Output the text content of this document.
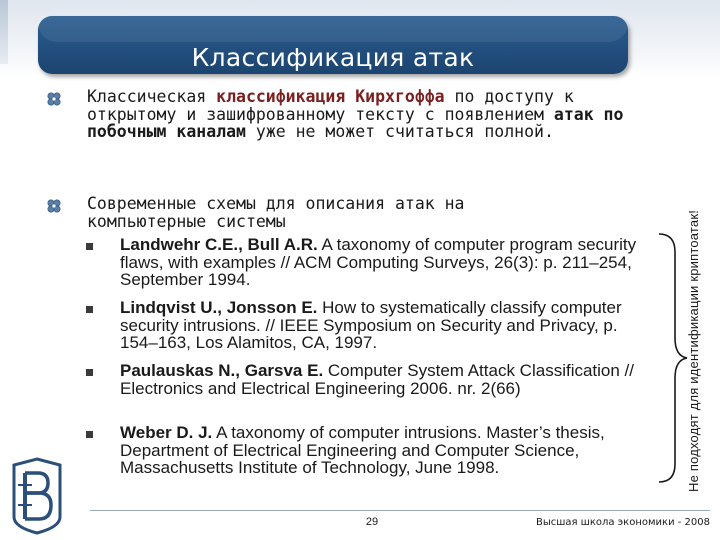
Классификация атак
Классическая классификация Кирхгоффа по доступу к открытому и зашифрованному тексту с появлением атак по побочным каналам уже не может считаться полной.
Современные схемы для описания атак на компьютерные системы
Landwehr C.E., Bull A.R. A taxonomy of computer program security flaws, with examples // ACM Computing Surveys, 26(3): p. 211–254, September 1994.
Lindqvist U., Jonsson E. How to systematically classify computer security intrusions. // IEEE Symposium on Security and Privacy, p. 154–163, Los Alamitos, CA, 1997.
Paulauskas N., Garsva E. Computer System Attack Classification // Electronics and Electrical Engineering 2006. nr. 2(66)
Weber D. J. A taxonomy of computer intrusions. Master’s thesis, Department of Electrical Engineering and Computer Science, Massachusetts Institute of Technology, June 1998.	Не подходят для идентификации криптоатак!
29	Высшая школа экономики - 2008
